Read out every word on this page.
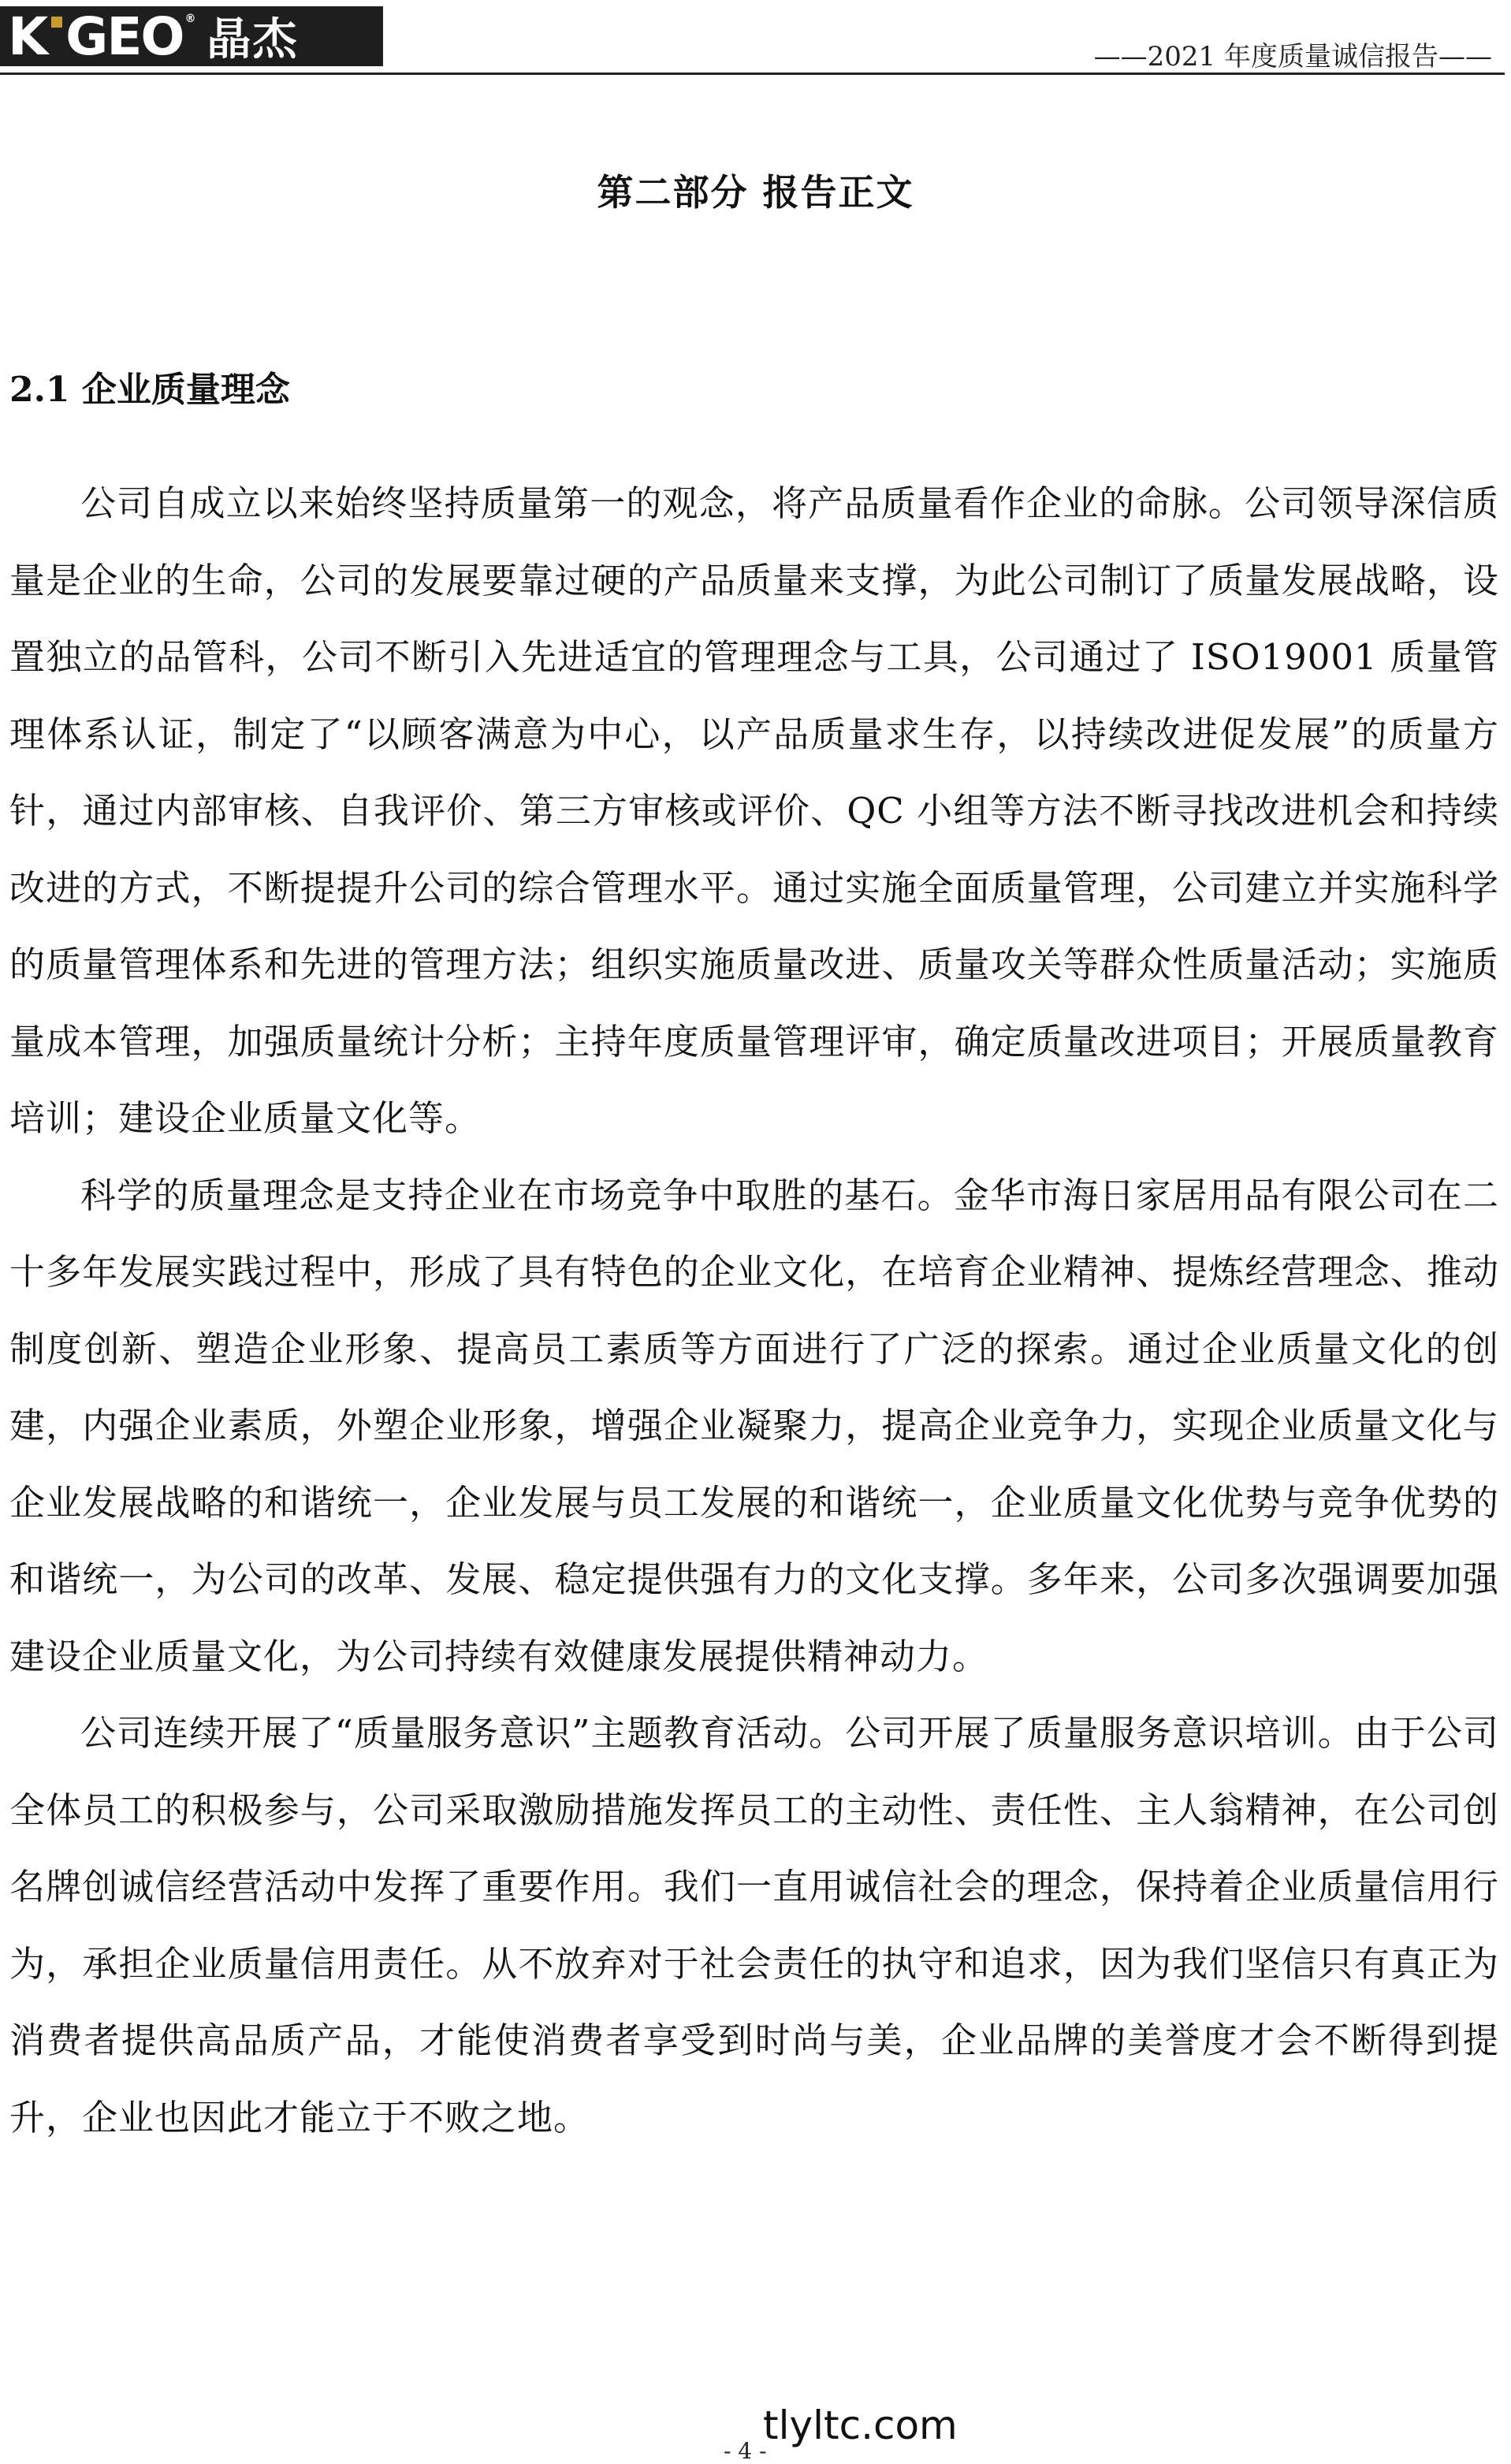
K GEO ® 晶杰	——2021 年度质量诚信报告——
第二部分 报告正文
2.1 企业质量理念

公司自成立以来始终坚持质量第一的观念，将产品质量看作企业的命脉。公司领导深信质量是企业的生命，公司的发展要靠过硬的产品质量来支撑，为此公司制订了质量发展战略，设置独立的品管科，公司不断引入先进适宜的管理理念与工具，公司通过了 ISO19001 质量管理体系认证，制定了“以顾客满意为中心，以产品质量求生存，以持续改进促发展”的质量方针，通过内部审核、自我评价、第三方审核或评价、QC 小组等方法不断寻找改进机会和持续改进的方式，不断提提升公司的综合管理水平。通过实施全面质量管理，公司建立并实施科学的质量管理体系和先进的管理方法；组织实施质量改进、质量攻关等群众性质量活动；实施质量成本管理，加强质量统计分析；主持年度质量管理评审，确定质量改进项目；开展质量教育培训；建设企业质量文化等。

科学的质量理念是支持企业在市场竞争中取胜的基石。金华市海日家居用品有限公司在二十多年发展实践过程中，形成了具有特色的企业文化，在培育企业精神、提炼经营理念、推动制度创新、塑造企业形象、提高员工素质等方面进行了广泛的探索。通过企业质量文化的创建，内强企业素质，外塑企业形象，增强企业凝聚力，提高企业竞争力，实现企业质量文化与企业发展战略的和谐统一，企业发展与员工发展的和谐统一，企业质量文化优势与竞争优势的和谐统一，为公司的改革、发展、稳定提供强有力的文化支撑。多年来，公司多次强调要加强建设企业质量文化，为公司持续有效健康发展提供精神动力。

公司连续开展了“质量服务意识”主题教育活动。公司开展了质量服务意识培训。由于公司全体员工的积极参与，公司采取激励措施发挥员工的主动性、责任性、主人翁精神，在公司创名牌创诚信经营活动中发挥了重要作用。我们一直用诚信社会的理念，保持着企业质量信用行为，承担企业质量信用责任。从不放弃对于社会责任的执守和追求，因为我们坚信只有真正为消费者提供高品质产品，才能使消费者享受到时尚与美，企业品牌的美誉度才会不断得到提升，企业也因此才能立于不败之地。

- 4 -
tlyltc.com
